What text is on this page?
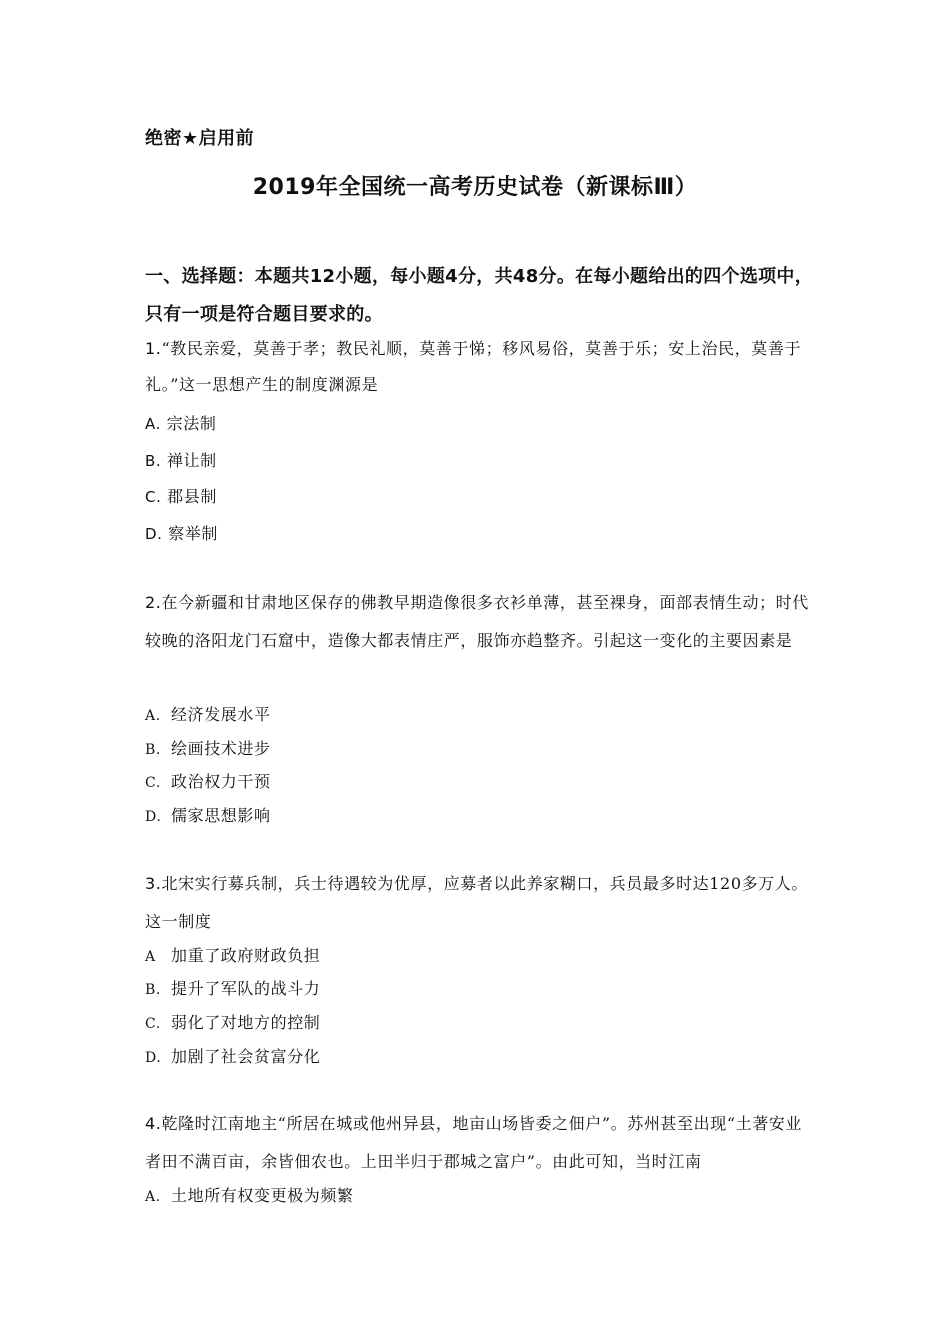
绝密★启用前
2019年全国统一高考历史试卷（新课标Ⅲ）
一、选择题：本题共12小题，每小题4分，共48分。在每小题给出的四个选项中，只有一项是符合题目要求的。
1.“教民亲爱，莫善于孝；教民礼顺，莫善于悌；移风易俗，莫善于乐；安上治民，莫善于礼。”这一思想产生的制度渊源是
A. 宗法制
B. 禅让制
C. 郡县制
D. 察举制
2.在今新疆和甘肃地区保存的佛教早期造像很多衣衫单薄，甚至裸身，面部表情生动；时代较晚的洛阳龙门石窟中，造像大都表情庄严，服饰亦趋整齐。引起这一变化的主要因素是
A. 经济发展水平
B. 绘画技术进步
C. 政治权力干预
D. 儒家思想影响
3.北宋实行募兵制，兵士待遇较为优厚，应募者以此养家糊口，兵员最多时达120多万人。这一制度
A 加重了政府财政负担
B. 提升了军队的战斗力
C. 弱化了对地方的控制
D. 加剧了社会贫富分化
4.乾隆时江南地主“所居在城或他州异县，地亩山场皆委之佃户”。苏州甚至出现“土著安业者田不满百亩，余皆佃农也。上田半归于郡城之富户”。由此可知，当时江南
A. 土地所有权变更极为频繁
